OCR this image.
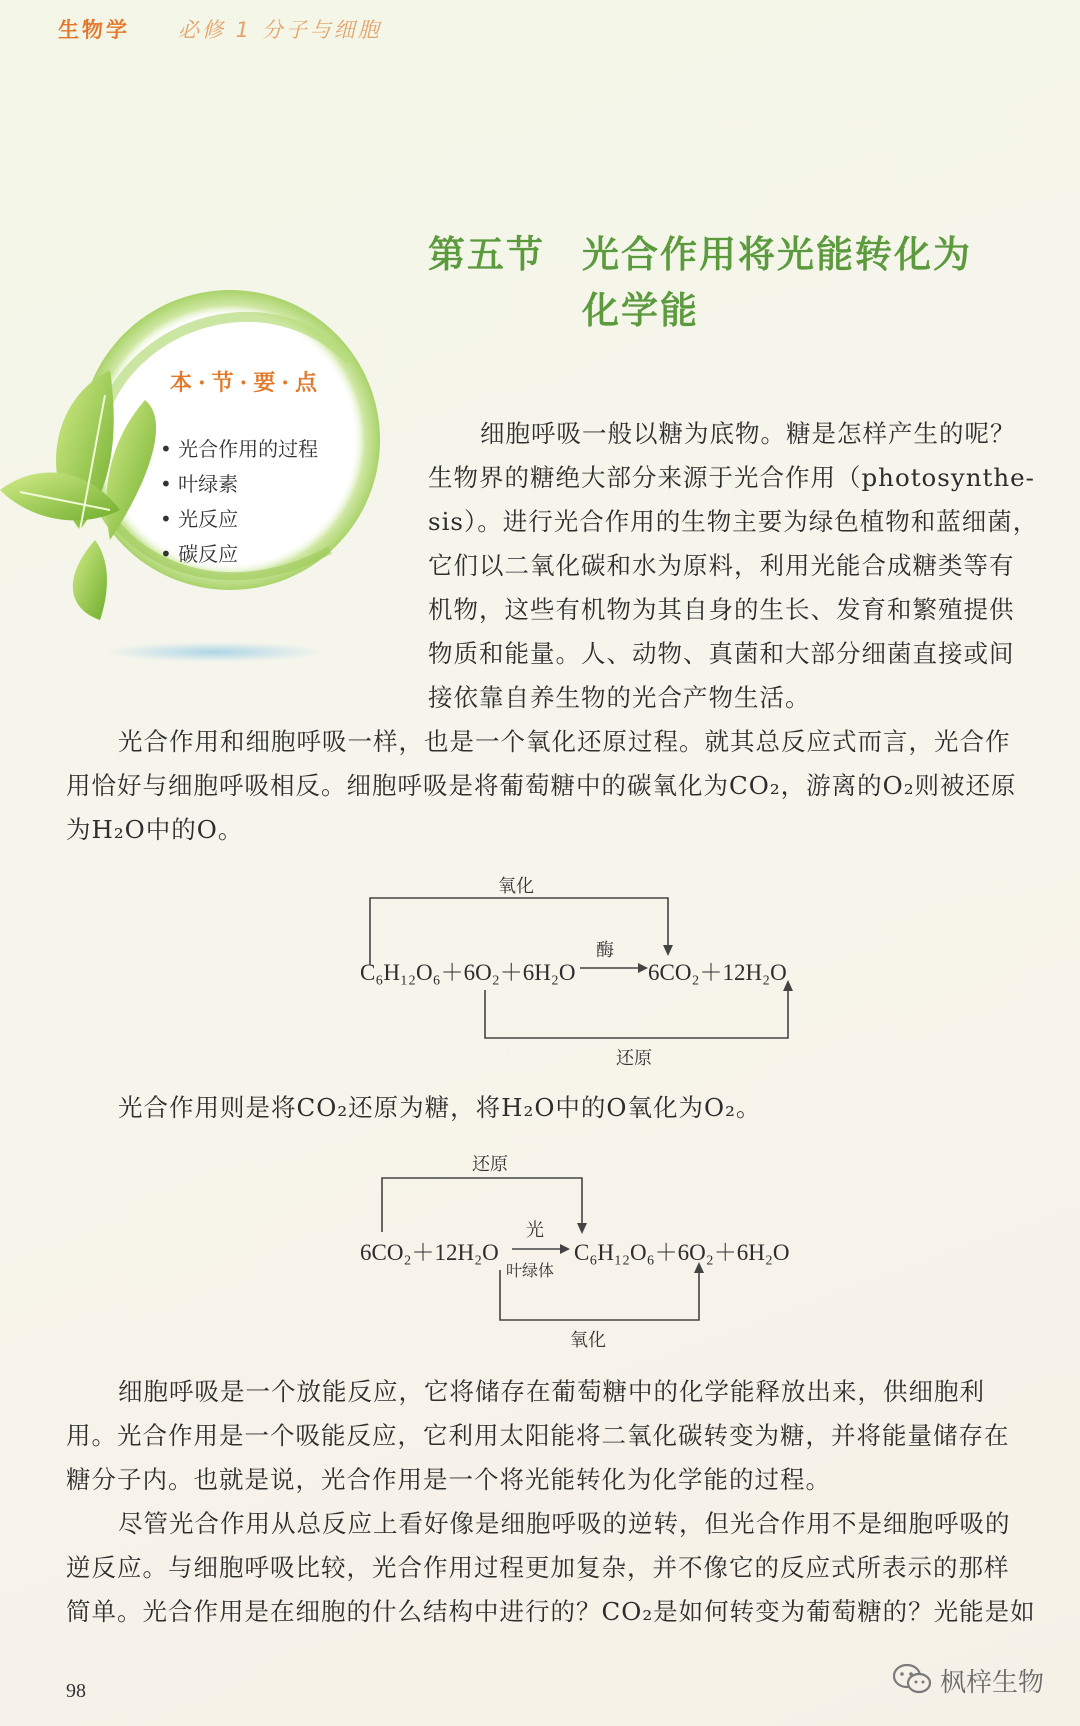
生物学 必修 1 分子与细胞
第五节 光合作用将光能转化为
化学能
本·节·要·点
• 光合作用的过程
• 叶绿素
• 光反应
• 碳反应
细胞呼吸一般以糖为底物。糖是怎样产生的呢？
生物界的糖绝大部分来源于光合作用（photosynthe-
sis）。进行光合作用的生物主要为绿色植物和蓝细菌，
它们以二氧化碳和水为原料，利用光能合成糖类等有
机物，这些有机物为其自身的生长、发育和繁殖提供
物质和能量。人、动物、真菌和大部分细菌直接或间
接依靠自养生物的光合产物生活。
光合作用和细胞呼吸一样，也是一个氧化还原过程。就其总反应式而言，光合作
用恰好与细胞呼吸相反。细胞呼吸是将葡萄糖中的碳氧化为CO₂，游离的O₂则被还原
为H₂O中的O。
氧化
酶
C₆H₁₂O₆＋6O₂＋6H₂O	6CO₂＋12H₂O
还原
光合作用则是将CO₂还原为糖，将H₂O中的O氧化为O₂。
还原
光
叶绿体
6CO₂＋12H₂O	C₆H₁₂O₆＋6O₂＋6H₂O
氧化
细胞呼吸是一个放能反应，它将储存在葡萄糖中的化学能释放出来，供细胞利
用。光合作用是一个吸能反应，它利用太阳能将二氧化碳转变为糖，并将能量储存在
糖分子内。也就是说，光合作用是一个将光能转化为化学能的过程。
尽管光合作用从总反应上看好像是细胞呼吸的逆转，但光合作用不是细胞呼吸的
逆反应。与细胞呼吸比较，光合作用过程更加复杂，并不像它的反应式所表示的那样
简单。光合作用是在细胞的什么结构中进行的？CO₂是如何转变为葡萄糖的？光能是如
98	枫梓生物
